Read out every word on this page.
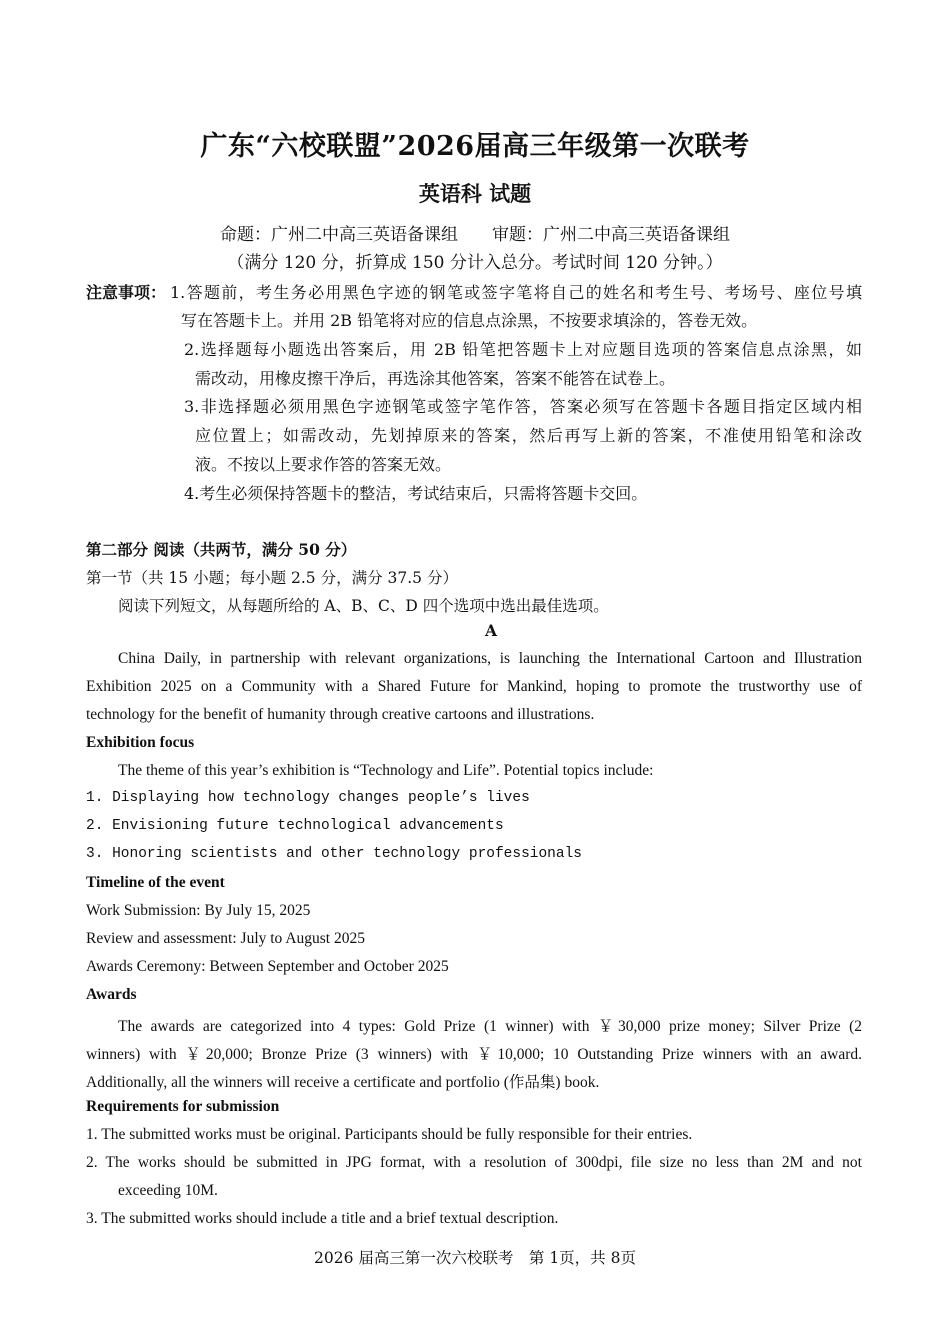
广东“六校联盟”2026届高三年级第一次联考
英语科 试题
命题：广州二中高三英语备课组　　审题：广州二中高三英语备课组
（满分 120 分，折算成 150 分计入总分。考试时间 120 分钟。）
注意事项： 1.答题前，考生务必用黑色字迹的钢笔或签字笔将自己的姓名和考生号、考场号、座位号填
写在答题卡上。并用 2B 铅笔将对应的信息点涂黑，不按要求填涂的，答卷无效。
2.选择题每小题选出答案后，用 2B 铅笔把答题卡上对应题目选项的答案信息点涂黑，如
需改动，用橡皮擦干净后，再选涂其他答案，答案不能答在试卷上。
3.非选择题必须用黑色字迹钢笔或签字笔作答，答案必须写在答题卡各题目指定区域内相
应位置上；如需改动，先划掉原来的答案，然后再写上新的答案，不准使用铅笔和涂改
液。不按以上要求作答的答案无效。
4.考生必须保持答题卡的整洁，考试结束后，只需将答题卡交回。
第二部分 阅读（共两节，满分 50 分）
第一节（共 15 小题；每小题 2.5 分，满分 37.5 分）
阅读下列短文，从每题所给的 A、B、C、D 四个选项中选出最佳选项。
A
China Daily, in partnership with relevant organizations, is launching the International Cartoon and Illustration
Exhibition 2025 on a Community with a Shared Future for Mankind, hoping to promote the trustworthy use of
technology for the benefit of humanity through creative cartoons and illustrations.
Exhibition focus
The theme of this year’s exhibition is “Technology and Life”. Potential topics include:
1. Displaying how technology changes people’s lives
2. Envisioning future technological advancements
3. Honoring scientists and other technology professionals
Timeline of the event
Work Submission: By July 15, 2025
Review and assessment: July to August 2025
Awards Ceremony: Between September and October 2025
Awards
The awards are categorized into 4 types: Gold Prize (1 winner) with ￥30,000 prize money; Silver Prize (2
winners) with ￥20,000; Bronze Prize (3 winners) with ￥10,000; 10 Outstanding Prize winners with an award.
Additionally, all the winners will receive a certificate and portfolio (作品集) book.
Requirements for submission
1. The submitted works must be original. Participants should be fully responsible for their entries.
2. The works should be submitted in JPG format, with a resolution of 300dpi, file size no less than 2M and not
exceeding 10M.
3. The submitted works should include a title and a brief textual description.
2026 届高三第一次六校联考　第 1页，共 8页
